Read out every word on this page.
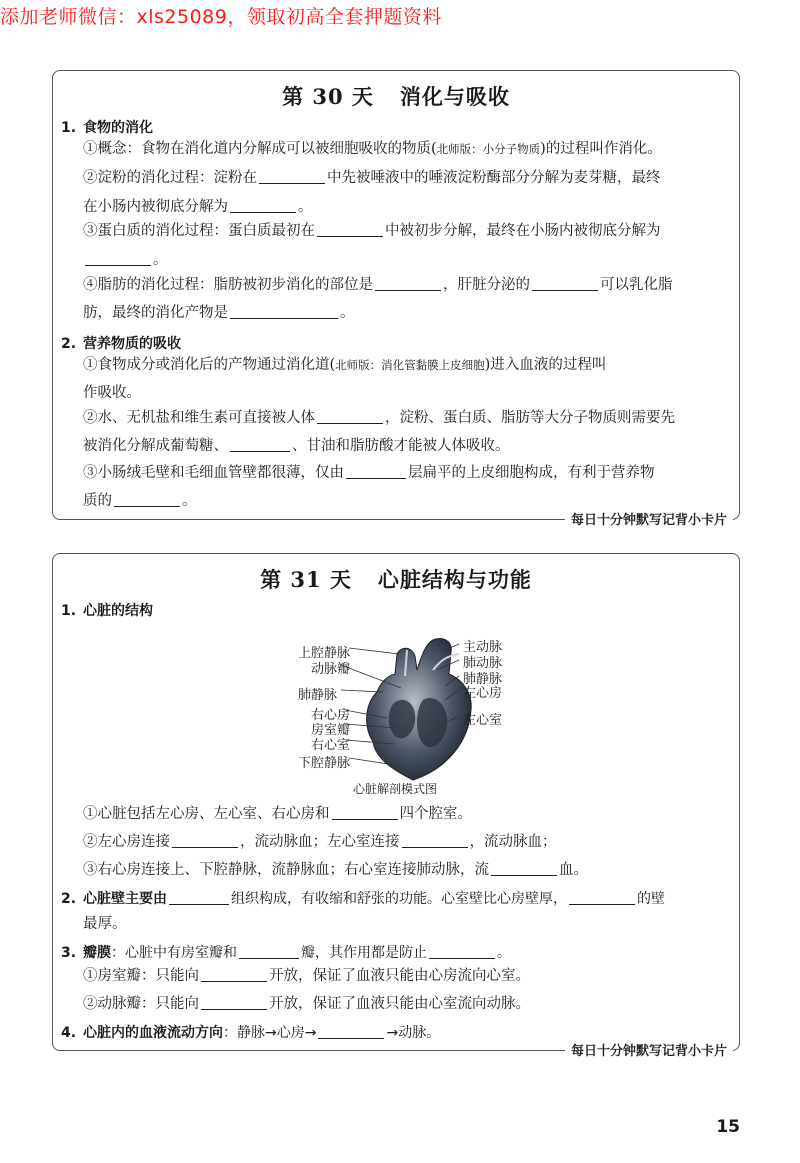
添加老师微信：xls25089，领取初高全套押题资料
第 30 天 消化与吸收
1. 食物的消化
①概念：食物在消化道内分解成可以被细胞吸收的物质(北师版：小分子物质)的过程叫作消化。
②淀粉的消化过程：淀粉在	中先被唾液中的唾液淀粉酶部分分解为麦芽糖，最终
在小肠内被彻底分解为	。
③蛋白质的消化过程：蛋白质最初在	中被初步分解，最终在小肠内被彻底分解为
。
④脂肪的消化过程：脂肪被初步消化的部位是	，肝脏分泌的	可以乳化脂
肪，最终的消化产物是	。
2. 营养物质的吸收
①食物成分或消化后的产物通过消化道(北师版：消化管黏膜上皮细胞)进入血液的过程叫
作吸收。
②水、无机盐和维生素可直接被人体	，淀粉、蛋白质、脂肪等大分子物质则需要先
被消化分解成葡萄糖、	、甘油和脂肪酸才能被人体吸收。
③小肠绒毛壁和毛细血管壁都很薄，仅由	层扁平的上皮细胞构成，有利于营养物
质的	。
每日十分钟默写记背小卡片
第 31 天 心脏结构与功能
1. 心脏的结构
上腔静脉
动脉瓣
肺静脉
右心房
房室瓣
右心室
下腔静脉
主动脉
肺动脉
肺静脉
左心房
左心室
心脏解剖模式图
①心脏包括左心房、左心室、右心房和	四个腔室。
②左心房连接	，流动脉血；左心室连接	，流动脉血；
③右心房连接上、下腔静脉，流静脉血；右心室连接肺动脉，流	血。
2. 心脏壁主要由	组织构成，有收缩和舒张的功能。心室壁比心房壁厚，	的壁
最厚。
3. 瓣膜：心脏中有房室瓣和	瓣，其作用都是防止	。
①房室瓣：只能向	开放，保证了血液只能由心房流向心室。
②动脉瓣：只能向	开放，保证了血液只能由心室流向动脉。
4. 心脏内的血液流动方向：静脉→心房→	→动脉。
每日十分钟默写记背小卡片
15
